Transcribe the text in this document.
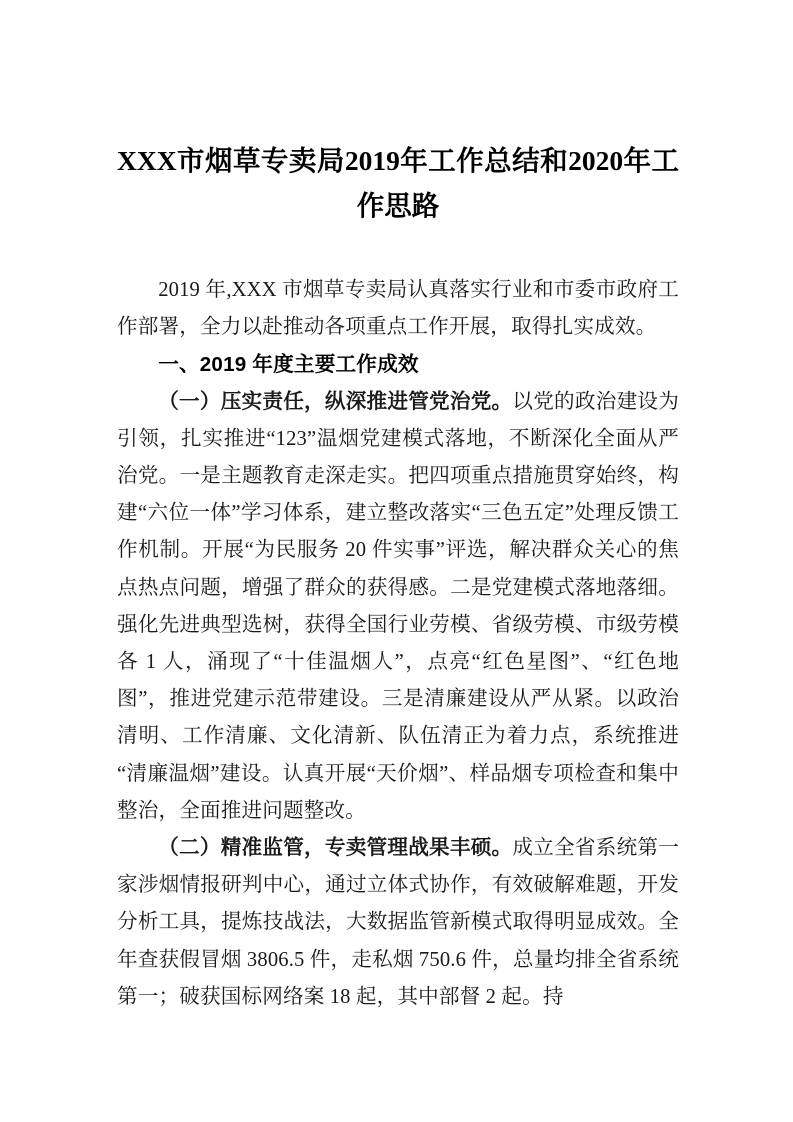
XXX市烟草专卖局2019年工作总结和2020年工作思路

2019 年,XXX 市烟草专卖局认真落实行业和市委市政府工作部署，全力以赴推动各项重点工作开展，取得扎实成效。

一、2019 年度主要工作成效

（一）压实责任，纵深推进管党治党。以党的政治建设为引领，扎实推进“123”温烟党建模式落地，不断深化全面从严治党。一是主题教育走深走实。把四项重点措施贯穿始终，构建“六位一体”学习体系，建立整改落实“三色五定”处理反馈工作机制。开展“为民服务 20 件实事”评选，解决群众关心的焦点热点问题，增强了群众的获得感。二是党建模式落地落细。强化先进典型选树，获得全国行业劳模、省级劳模、市级劳模各 1 人，涌现了“十佳温烟人”，点亮“红色星图”、“红色地图”，推进党建示范带建设。三是清廉建设从严从紧。以政治清明、工作清廉、文化清新、队伍清正为着力点，系统推进“清廉温烟”建设。认真开展“天价烟”、样品烟专项检查和集中整治，全面推进问题整改。

（二）精准监管，专卖管理战果丰硕。成立全省系统第一家涉烟情报研判中心，通过立体式协作，有效破解难题，开发分析工具，提炼技战法，大数据监管新模式取得明显成效。全年查获假冒烟 3806.5 件，走私烟 750.6 件，总量均排全省系统第一；破获国标网络案 18 起，其中部督 2 起。持
